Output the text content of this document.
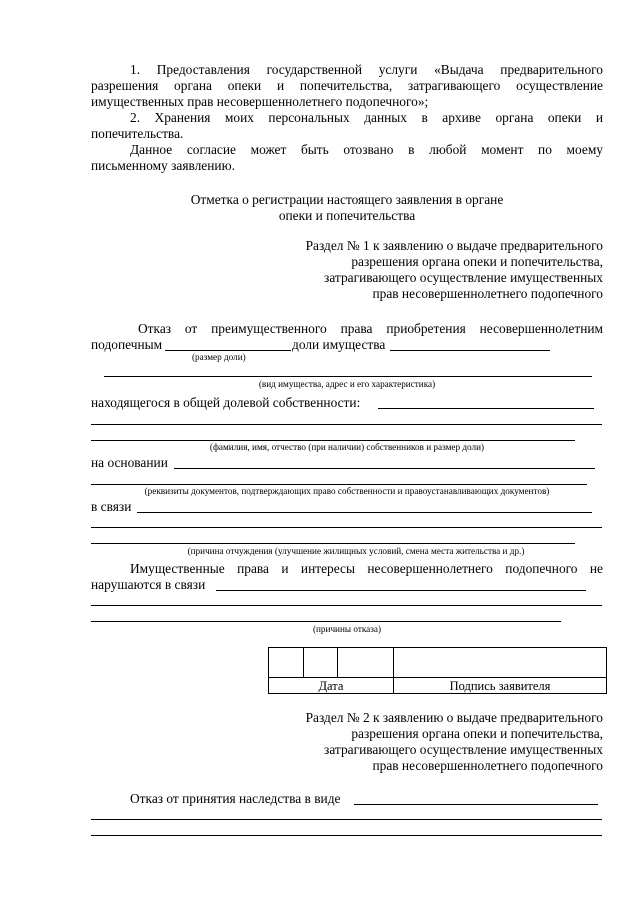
1. Предоставления государственной услуги «Выдача предварительного
разрешения органа опеки и попечительства, затрагивающего осуществление
имущественных прав несовершеннолетнего подопечного»;
2. Хранения моих персональных данных в архиве органа опеки и
попечительства.
Данное согласие может быть отозвано в любой момент по моему
письменному заявлению.
Отметка о регистрации настоящего заявления в органе
опеки и попечительства
Раздел № 1 к заявлению о выдаче предварительного
разрешения органа опеки и попечительства,
затрагивающего осуществление имущественных
прав несовершеннолетнего подопечного
Отказ от преимущественного права приобретения несовершеннолетним
подопечным	доли имущества
(размер доли)
(вид имущества, адрес и его характеристика)
находящегося в общей долевой собственности:
(фамилия, имя, отчество (при наличии) собственников и размер доли)
на основании
(реквизиты документов, подтверждающих право собственности и правоустанавливающих документов)
в связи
(причина отчуждения (улучшение жилищных условий, смена места жительства и др.)
Имущественные права и интересы несовершеннолетнего подопечного не
нарушаются в связи
(причины отказа)

Дата			Подпись заявителя
Раздел № 2 к заявлению о выдаче предварительного
разрешения органа опеки и попечительства,
затрагивающего осуществление имущественных
прав несовершеннолетнего подопечного
Отказ от принятия наследства в виде
